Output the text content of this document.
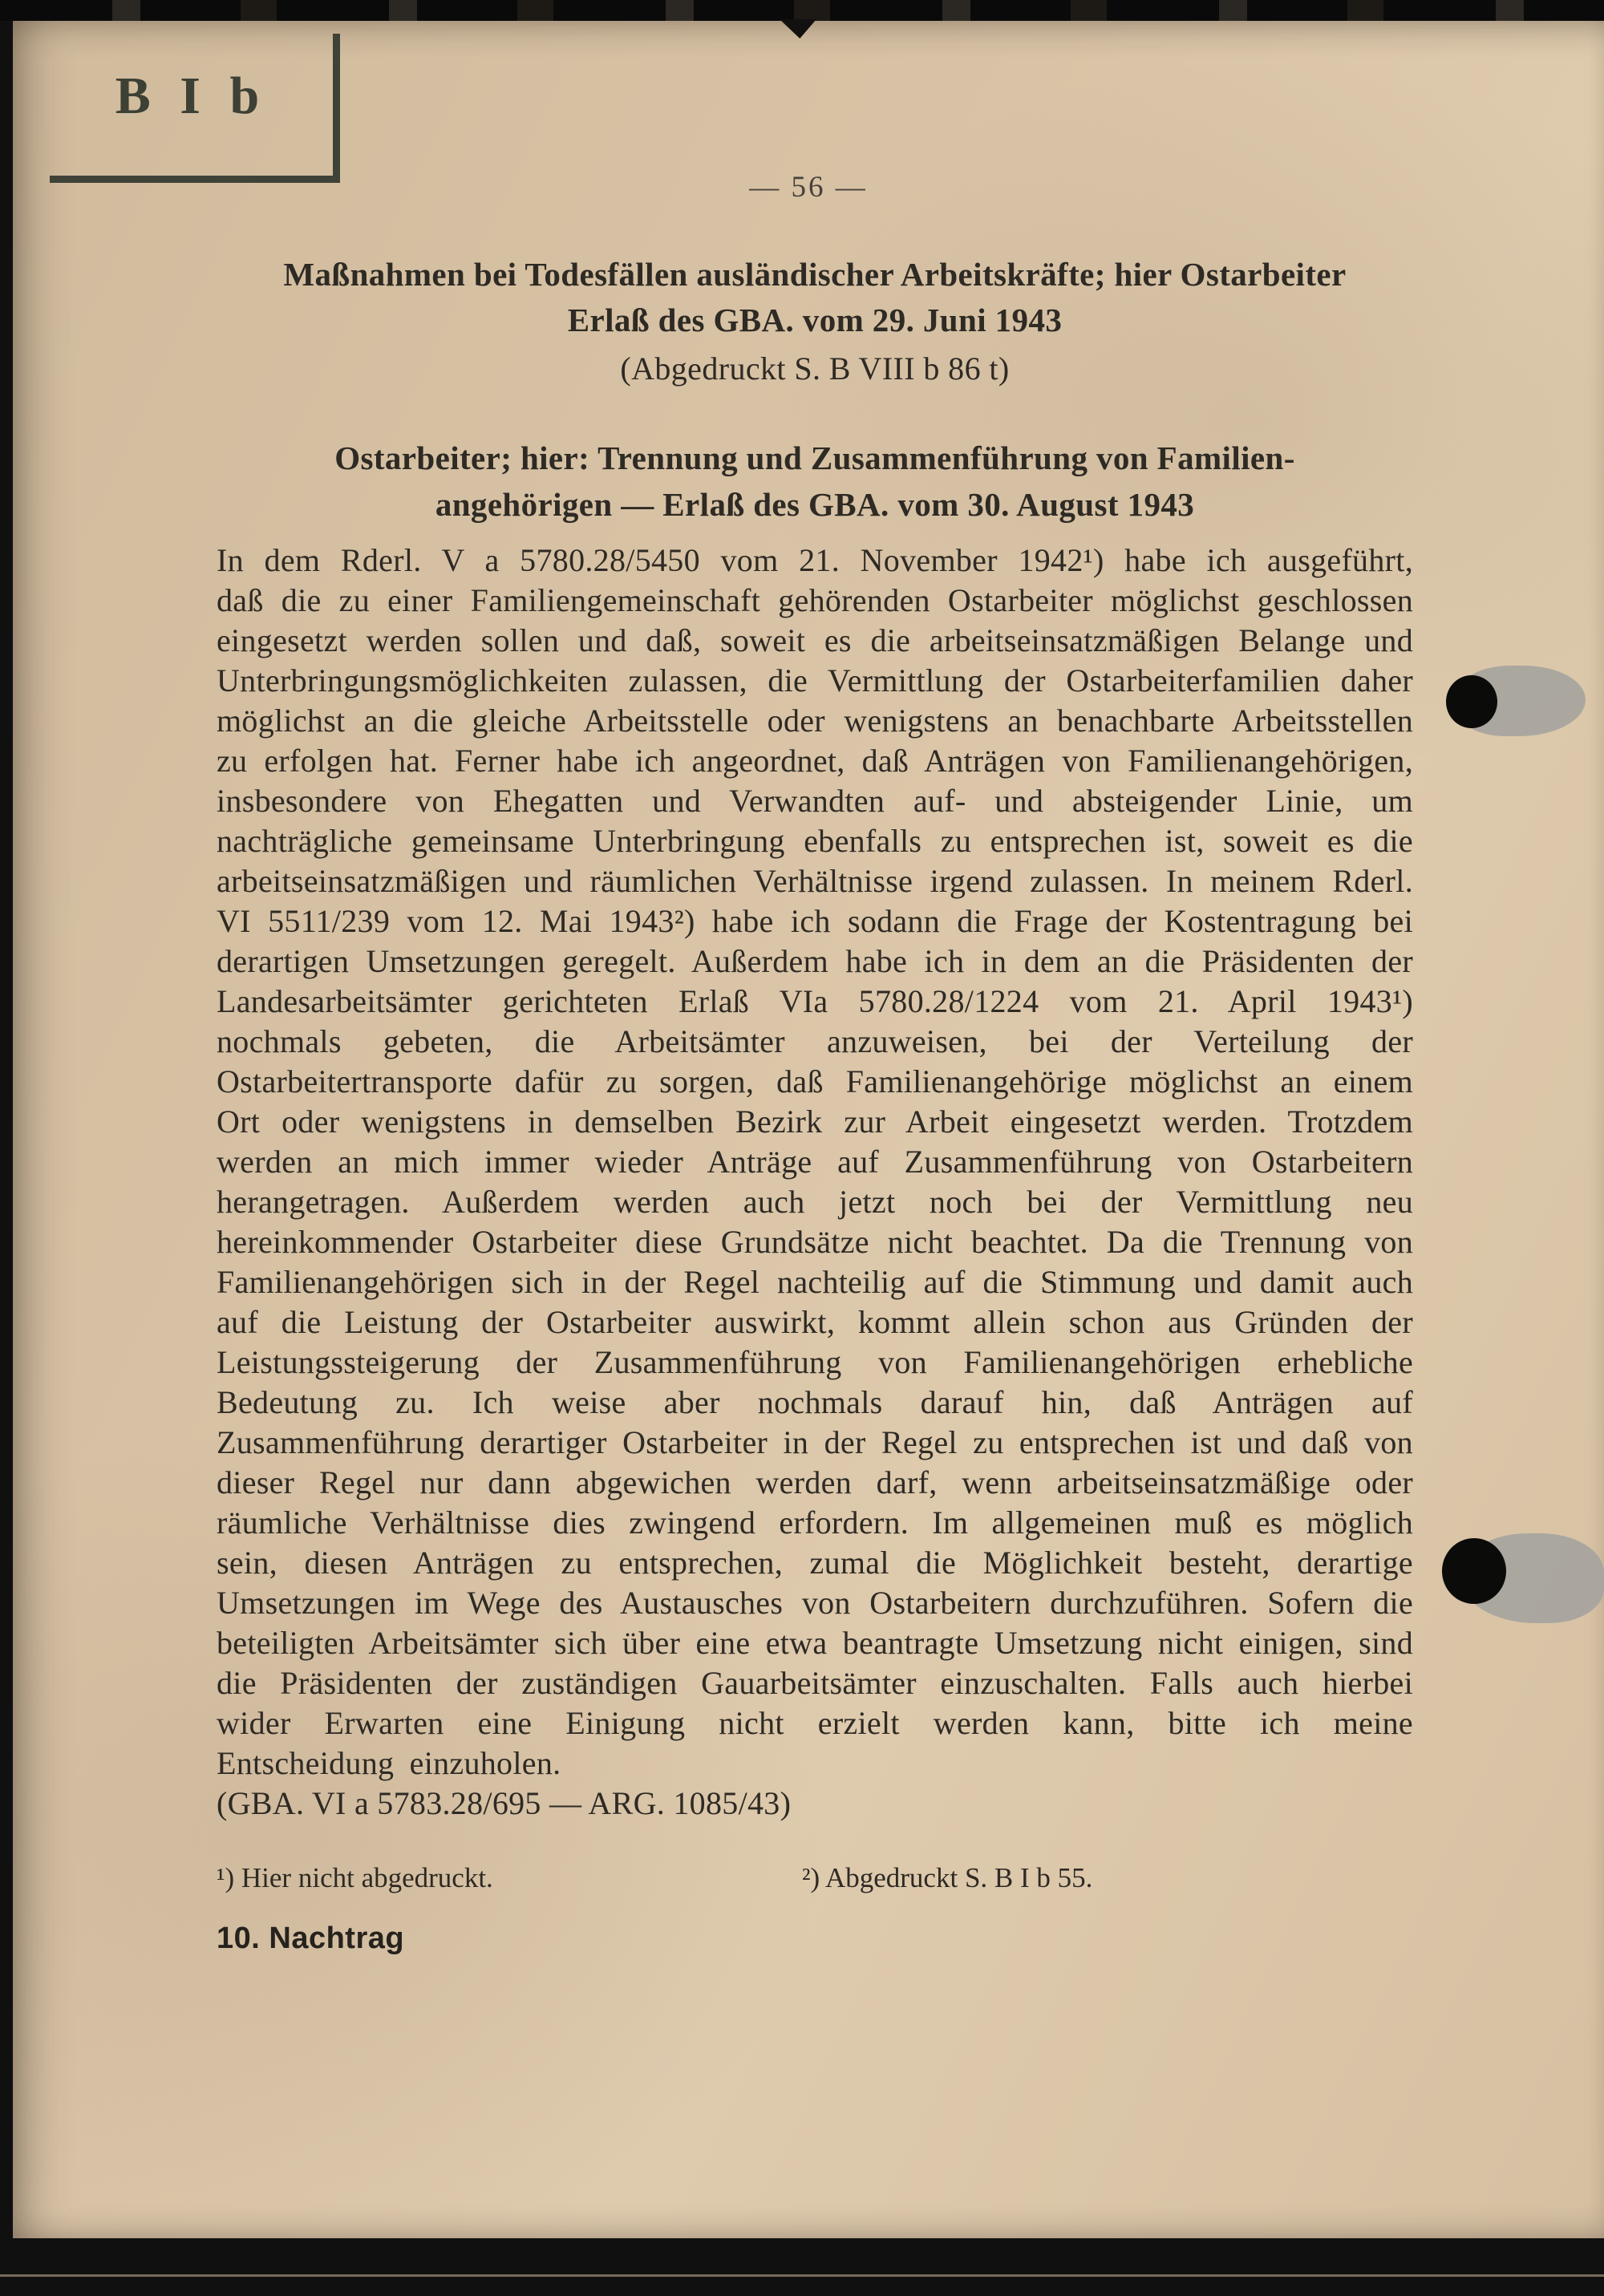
B I b
— 56 —
Maßnahmen bei Todesfällen ausländischer Arbeitskräfte; hier Ostarbeiter
Erlaß des GBA. vom 29. Juni 1943
(Abgedruckt S. B VIII b 86 t)
Ostarbeiter; hier: Trennung und Zusammenführung von Familien-
angehörigen — Erlaß des GBA. vom 30. August 1943

In dem Rderl. V a 5780.28/5450 vom 21. November 1942¹) habe ich ausgeführt, daß die zu einer Familiengemeinschaft gehörenden Ostarbeiter möglichst geschlossen eingesetzt werden sollen und daß, soweit es die arbeitseinsatzmäßigen Belange und Unterbringungsmöglichkeiten zulassen, die Vermittlung der Ostarbeiterfamilien daher möglichst an die gleiche Arbeitsstelle oder wenigstens an benachbarte Arbeitsstellen zu erfolgen hat. Ferner habe ich angeordnet, daß Anträgen von Familienangehörigen, insbesondere von Ehegatten und Verwandten auf- und absteigender Linie, um nachträgliche gemeinsame Unterbringung ebenfalls zu entsprechen ist, soweit es die arbeitseinsatzmäßigen und räumlichen Verhältnisse irgend zulassen. In meinem Rderl. VI 5511/239 vom 12. Mai 1943²) habe ich sodann die Frage der Kostentragung bei derartigen Umsetzungen geregelt. Außerdem habe ich in dem an die Präsidenten der Landesarbeitsämter gerichteten Erlaß VIa 5780.28/1224 vom 21. April 1943¹) nochmals gebeten, die Arbeitsämter anzuweisen, bei der Verteilung der Ostarbeitertransporte dafür zu sorgen, daß Familienangehörige möglichst an einem Ort oder wenigstens in demselben Bezirk zur Arbeit eingesetzt werden. Trotzdem werden an mich immer wieder Anträge auf Zusammenführung von Ostarbeitern herangetragen. Außerdem werden auch jetzt noch bei der Vermittlung neu hereinkommender Ostarbeiter diese Grundsätze nicht beachtet. Da die Trennung von Familienangehörigen sich in der Regel nachteilig auf die Stimmung und damit auch auf die Leistung der Ostarbeiter auswirkt, kommt allein schon aus Gründen der Leistungssteigerung der Zusammenführung von Familienangehörigen erhebliche Bedeutung zu. Ich weise aber nochmals darauf hin, daß Anträgen auf Zusammenführung derartiger Ostarbeiter in der Regel zu entsprechen ist und daß von dieser Regel nur dann abgewichen werden darf, wenn arbeitseinsatzmäßige oder räumliche Verhältnisse dies zwingend erfordern. Im allgemeinen muß es möglich sein, diesen Anträgen zu entsprechen, zumal die Möglichkeit besteht, derartige Umsetzungen im Wege des Austausches von Ostarbeitern durchzuführen. Sofern die beteiligten Arbeitsämter sich über eine etwa beantragte Umsetzung nicht einigen, sind die Präsidenten der zuständigen Gauarbeitsämter einzuschalten. Falls auch hierbei wider Erwarten eine Einigung nicht erzielt werden kann, bitte ich meine Entscheidung einzuholen.

(GBA. VI a 5783.28/695 — ARG. 1085/43)

¹) Hier nicht abgedruckt.	²) Abgedruckt S. B I b 55.
10. Nachtrag
